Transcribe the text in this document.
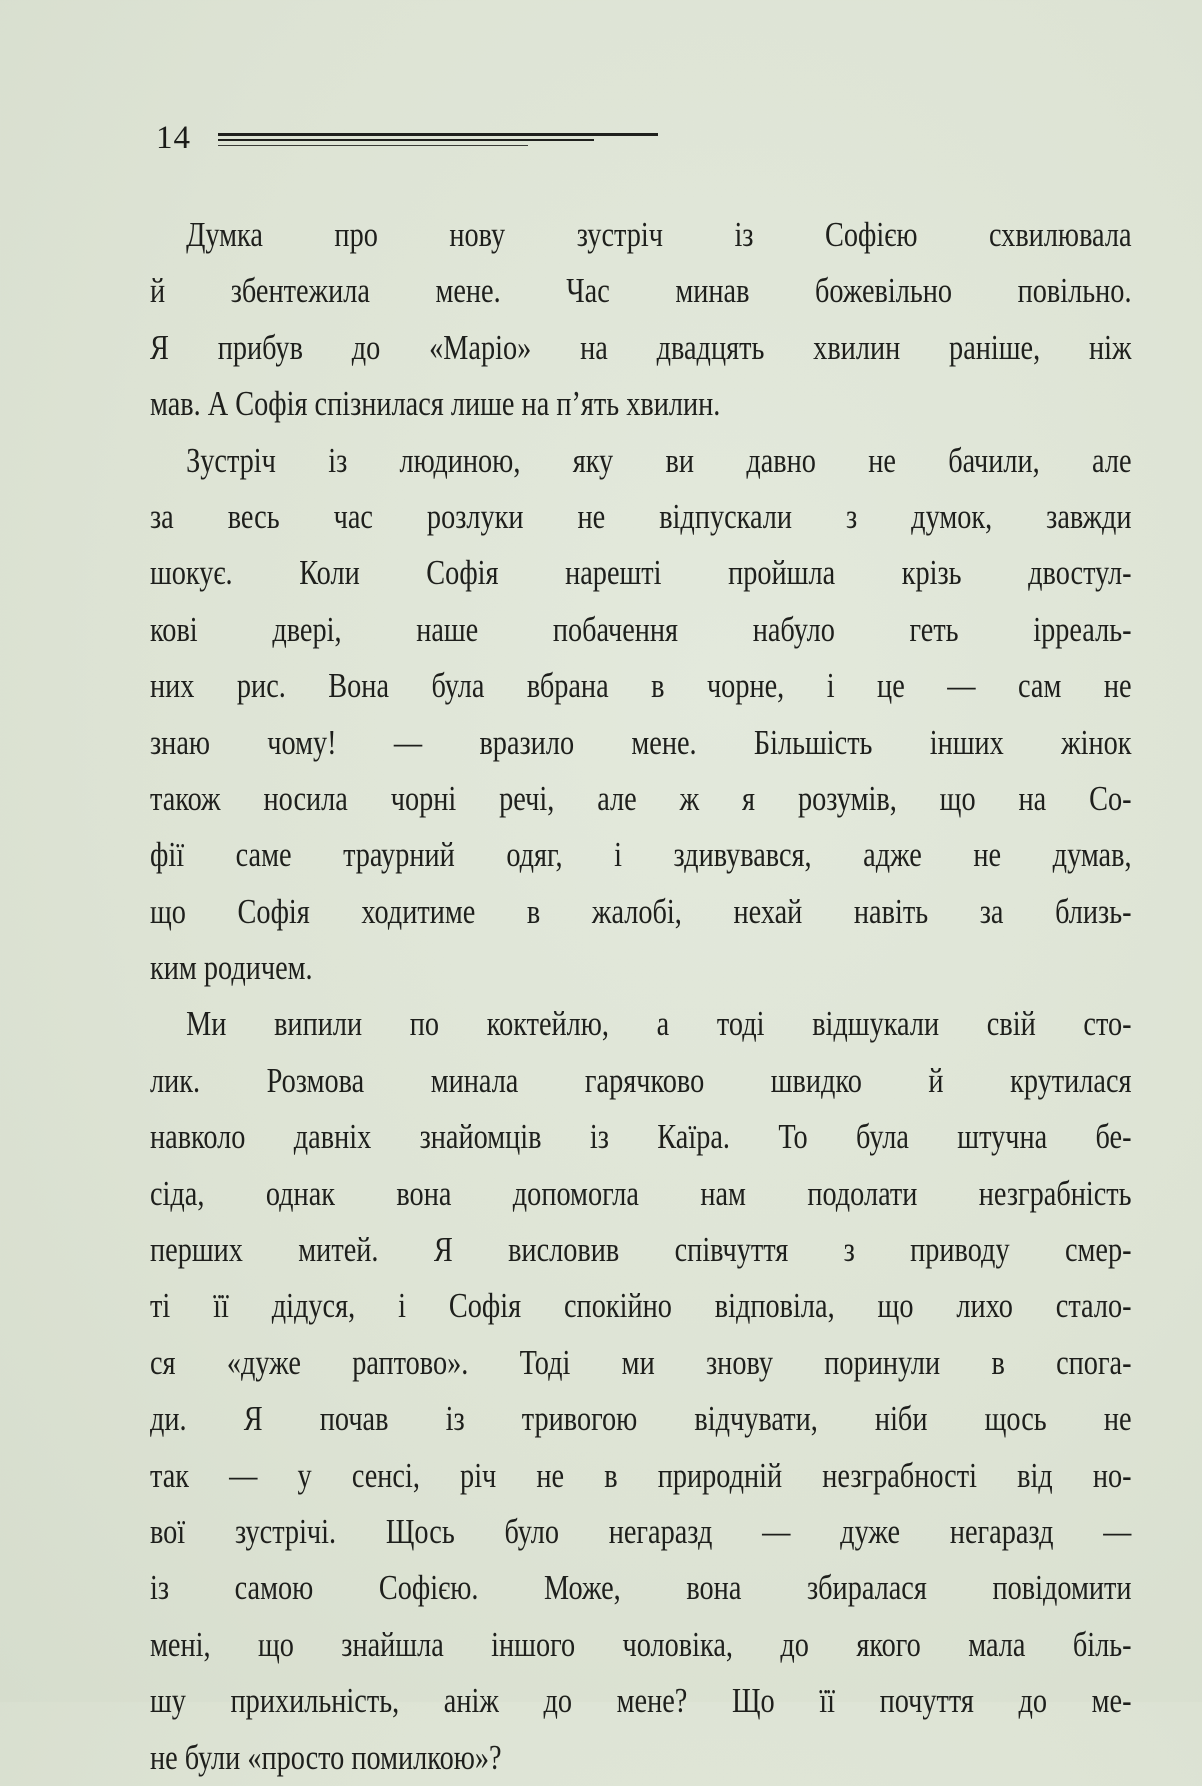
14
Думка про нову зустріч із Софією схвилювала
й збентежила мене. Час минав божевільно повільно.
Я прибув до «Маріо» на двадцять хвилин раніше, ніж
мав. А Софія спізнилася лише на п’ять хвилин.
Зустріч із людиною, яку ви давно не бачили, але
за весь час розлуки не відпускали з думок, завжди
шокує. Коли Софія нарешті пройшла крізь двостул-
кові двері, наше побачення набуло геть ірреаль-
них рис. Вона була вбрана в чорне, і це — сам не
знаю чому! — вразило мене. Більшість інших жінок
також носила чорні речі, але ж я розумів, що на Со-
фії саме траурний одяг, і здивувався, адже не думав,
що Софія ходитиме в жалобі, нехай навіть за близь-
ким родичем.
Ми випили по коктейлю, а тоді відшукали свій сто-
лик. Розмова минала гарячково швидко й крутилася
навколо давніх знайомців із Каїра. То була штучна бе-
сіда, однак вона допомогла нам подолати незграбність
перших митей. Я висловив співчуття з приводу смер-
ті її дідуся, і Софія спокійно відповіла, що лихо стало-
ся «дуже раптово». Тоді ми знову поринули в спога-
ди. Я почав із тривогою відчувати, ніби щось не
так — у сенсі, річ не в природній незграбності від но-
вої зустрічі. Щось було негаразд — дуже негаразд —
із самою Софією. Може, вона збиралася повідомити
мені, що знайшла іншого чоловіка, до якого мала біль-
шу прихильність, аніж до мене? Що її почуття до ме-
не були «просто помилкою»?
